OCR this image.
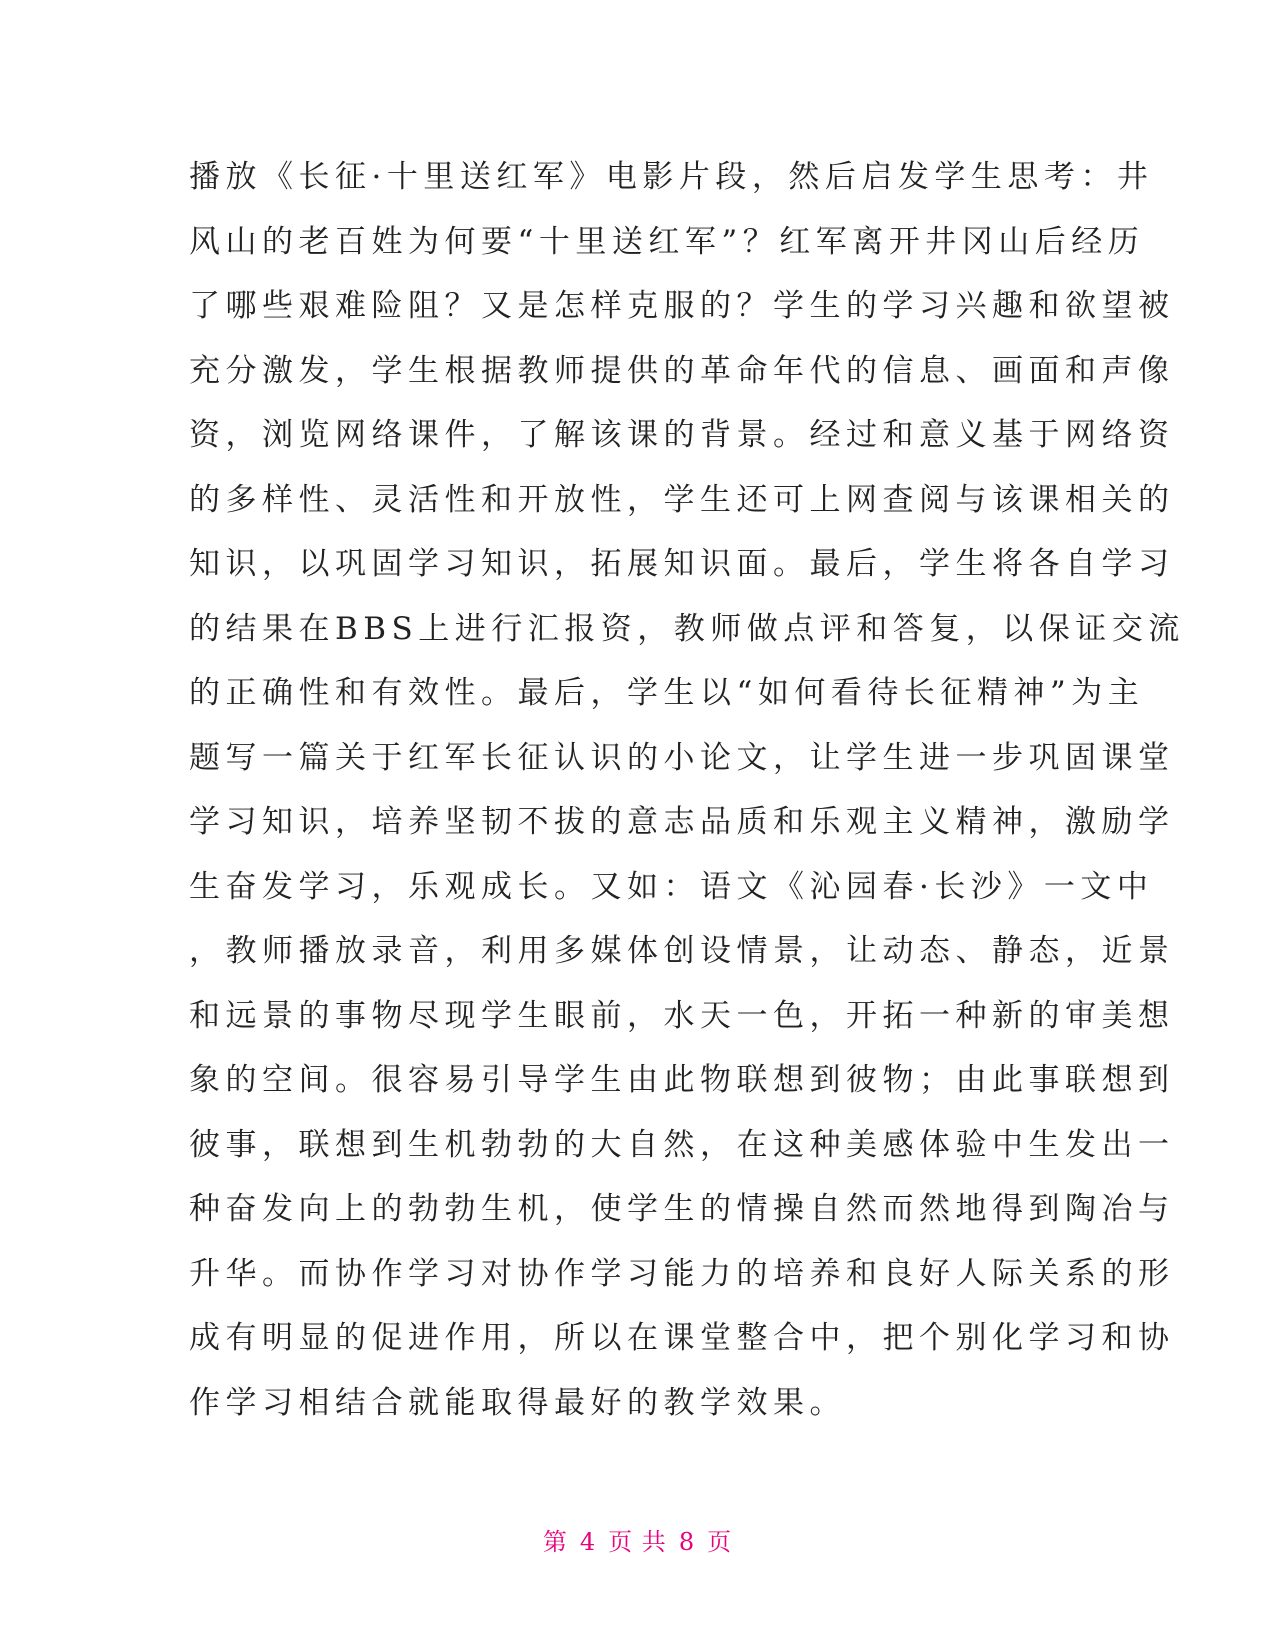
播放《长征·十里送红军》电影片段，然后启发学生思考：井
风山的老百姓为何要“十里送红军”？红军离开井冈山后经历
了哪些艰难险阻？又是怎样克服的？学生的学习兴趣和欲望被
充分激发，学生根据教师提供的革命年代的信息、画面和声像
资，浏览网络课件，了解该课的背景。经过和意义基于网络资
的多样性、灵活性和开放性，学生还可上网查阅与该课相关的
知识，以巩固学习知识，拓展知识面。最后，学生将各自学习
的结果在BBS上进行汇报资，教师做点评和答复，以保证交流
的正确性和有效性。最后，学生以“如何看待长征精神”为主
题写一篇关于红军长征认识的小论文，让学生进一步巩固课堂
学习知识，培养坚韧不拔的意志品质和乐观主义精神，激励学
生奋发学习，乐观成长。又如：语文《沁园春·长沙》一文中
，教师播放录音，利用多媒体创设情景，让动态、静态，近景
和远景的事物尽现学生眼前，水天一色，开拓一种新的审美想
象的空间。很容易引导学生由此物联想到彼物；由此事联想到
彼事，联想到生机勃勃的大自然，在这种美感体验中生发出一
种奋发向上的勃勃生机，使学生的情操自然而然地得到陶冶与
升华。而协作学习对协作学习能力的培养和良好人际关系的形
成有明显的促进作用，所以在课堂整合中，把个别化学习和协
作学习相结合就能取得最好的教学效果。
第 4 页 共 8 页
